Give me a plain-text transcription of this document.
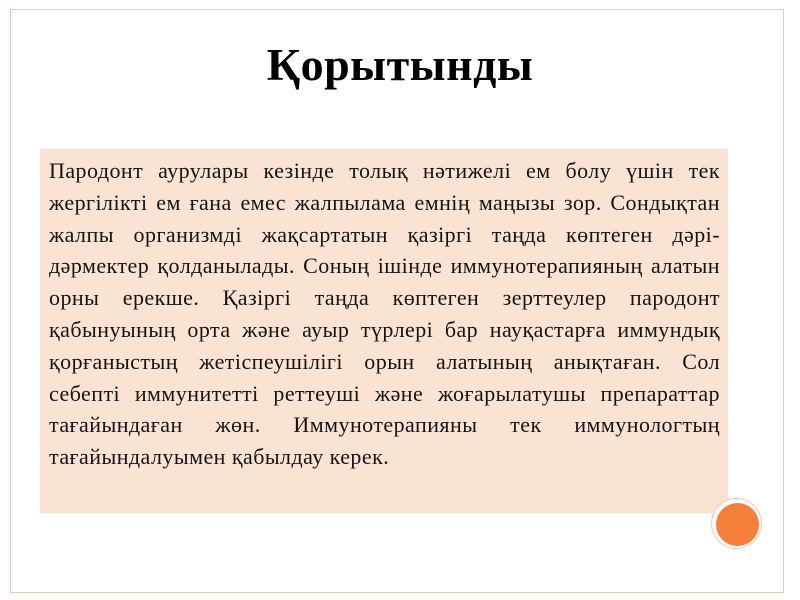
Қорытынды

Пародонт аурулары кезінде толық нәтижелі ем болу үшін тек жергілікті ем ғана емес жалпылама емнің маңызы зор. Сондықтан жалпы организмді жақсартатын қазіргі таңда көптеген дәрі-дәрмектер қолданылады. Соның ішінде иммунотерапияның алатын орны ерекше. Қазіргі таңда көптеген зерттеулер пародонт қабынуының орта және ауыр түрлері бар науқастарға иммундық қорғаныстың жетіспеушілігі орын алатының анықтаған. Сол себепті иммунитетті реттеуші және жоғарылатушы препараттар тағайындаған жөн. Иммунотерапияны тек иммунологтың тағайындалуымен қабылдау керек.
